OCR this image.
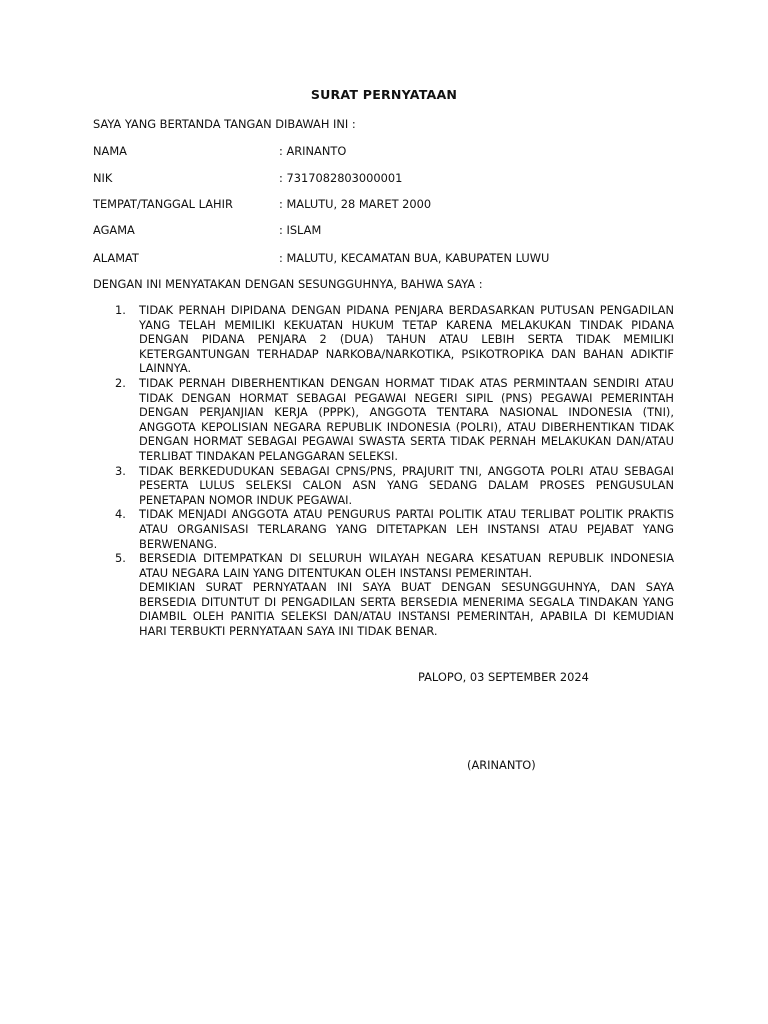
SURAT PERNYATAAN
SAYA YANG BERTANDA TANGAN DIBAWAH INI :
NAMA	: ARINANTO
NIK	: 7317082803000001
TEMPAT/TANGGAL LAHIR	: MALUTU, 28 MARET 2000
AGAMA	: ISLAM
ALAMAT	: MALUTU, KECAMATAN BUA, KABUPATEN LUWU
DENGAN INI MENYATAKAN DENGAN SESUNGGUHNYA, BAHWA SAYA :
1. TIDAK PERNAH DIPIDANA DENGAN PIDANA PENJARA BERDASARKAN PUTUSAN PENGADILAN YANG TELAH MEMILIKI KEKUATAN HUKUM TETAP KARENA MELAKUKAN TINDAK PIDANA DENGAN PIDANA PENJARA 2 (DUA) TAHUN ATAU LEBIH SERTA TIDAK MEMILIKI KETERGANTUNGAN TERHADAP NARKOBA/NARKOTIKA, PSIKOTROPIKA DAN BAHAN ADIKTIF LAINNYA.
2. TIDAK PERNAH DIBERHENTIKAN DENGAN HORMAT TIDAK ATAS PERMINTAAN SENDIRI ATAU TIDAK DENGAN HORMAT SEBAGAI PEGAWAI NEGERI SIPIL (PNS) PEGAWAI PEMERINTAH DENGAN PERJANJIAN KERJA (PPPK), ANGGOTA TENTARA NASIONAL INDONESIA (TNI), ANGGOTA KEPOLISIAN NEGARA REPUBLIK INDONESIA (POLRI), ATAU DIBERHENTIKAN TIDAK DENGAN HORMAT SEBAGAI PEGAWAI SWASTA SERTA TIDAK PERNAH MELAKUKAN DAN/ATAU TERLIBAT TINDAKAN PELANGGARAN SELEKSI.
3. TIDAK BERKEDUDUKAN SEBAGAI CPNS/PNS, PRAJURIT TNI, ANGGOTA POLRI ATAU SEBAGAI PESERTA LULUS SELEKSI CALON ASN YANG SEDANG DALAM PROSES PENGUSULAN PENETAPAN NOMOR INDUK PEGAWAI.
4. TIDAK MENJADI ANGGOTA ATAU PENGURUS PARTAI POLITIK ATAU TERLIBAT POLITIK PRAKTIS ATAU ORGANISASI TERLARANG YANG DITETAPKAN LEH INSTANSI ATAU PEJABAT YANG BERWENANG.
5. BERSEDIA DITEMPATKAN DI SELURUH WILAYAH NEGARA KESATUAN REPUBLIK INDONESIA ATAU NEGARA LAIN YANG DITENTUKAN OLEH INSTANSI PEMERINTAH.
DEMIKIAN SURAT PERNYATAAN INI SAYA BUAT DENGAN SESUNGGUHNYA, DAN SAYA BERSEDIA DITUNTUT DI PENGADILAN SERTA BERSEDIA MENERIMA SEGALA TINDAKAN YANG DIAMBIL OLEH PANITIA SELEKSI DAN/ATAU INSTANSI PEMERINTAH, APABILA DI KEMUDIAN HARI TERBUKTI PERNYATAAN SAYA INI TIDAK BENAR.
PALOPO, 03 SEPTEMBER 2024
(ARINANTO)
